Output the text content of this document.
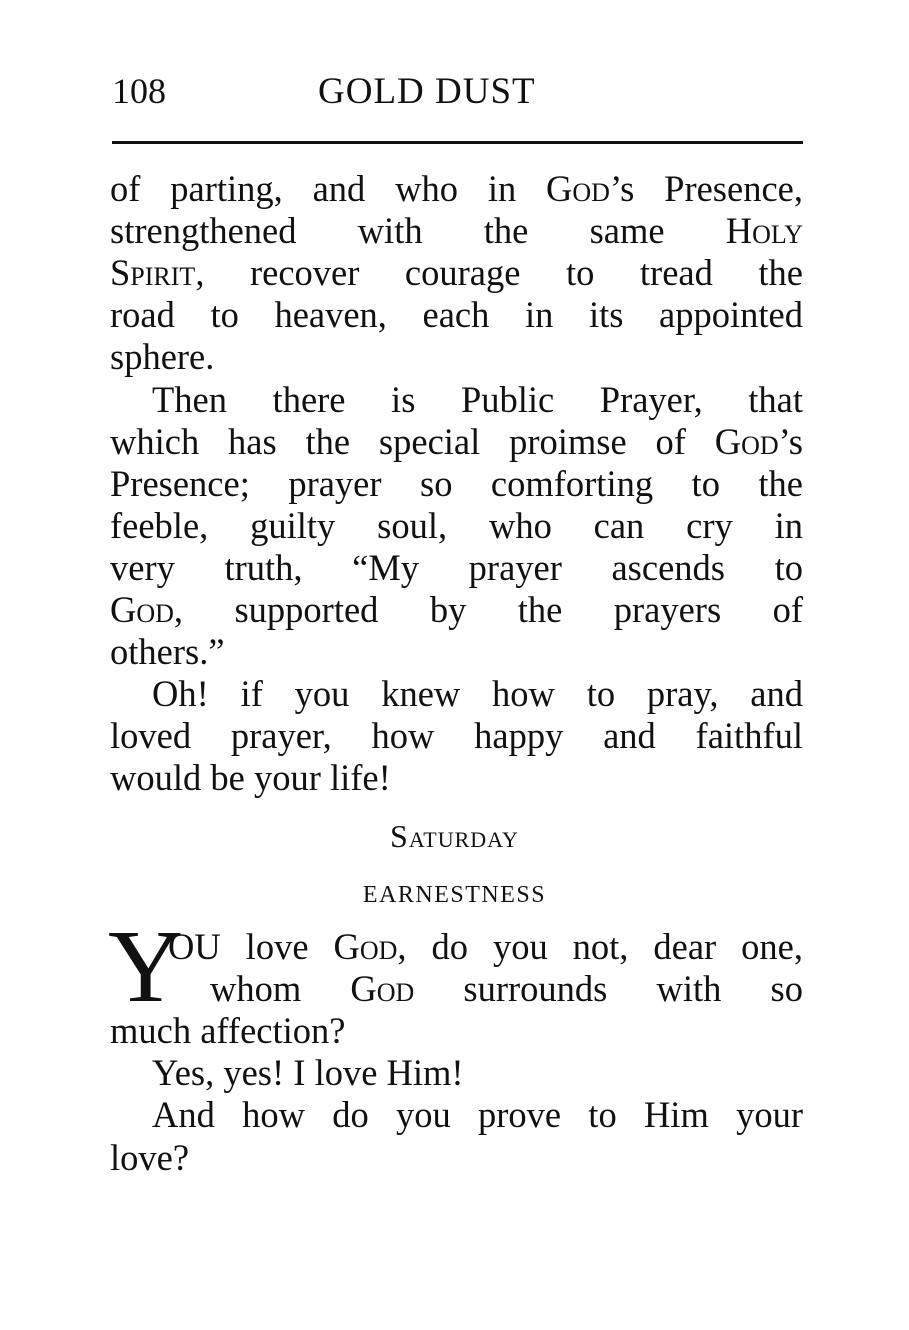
108	GOLD DUST
of parting, and who in God’s Presence,
strengthened with the same Holy
Spirit, recover courage to tread the
road to heaven, each in its appointed
sphere.
Then there is Public Prayer, that
which has the special proimse of God’s
Presence; prayer so comforting to the
feeble, guilty soul, who can cry in
very truth, “My prayer ascends to
God, supported by the prayers of
others.”
Oh! if you knew how to pray, and
loved prayer, how happy and faithful
would be your life!
Saturday
EARNESTNESS
Y
OU love God, do you not, dear one,
whom God surrounds with so
much affection?
Yes, yes! I love Him!
And how do you prove to Him your
love?
